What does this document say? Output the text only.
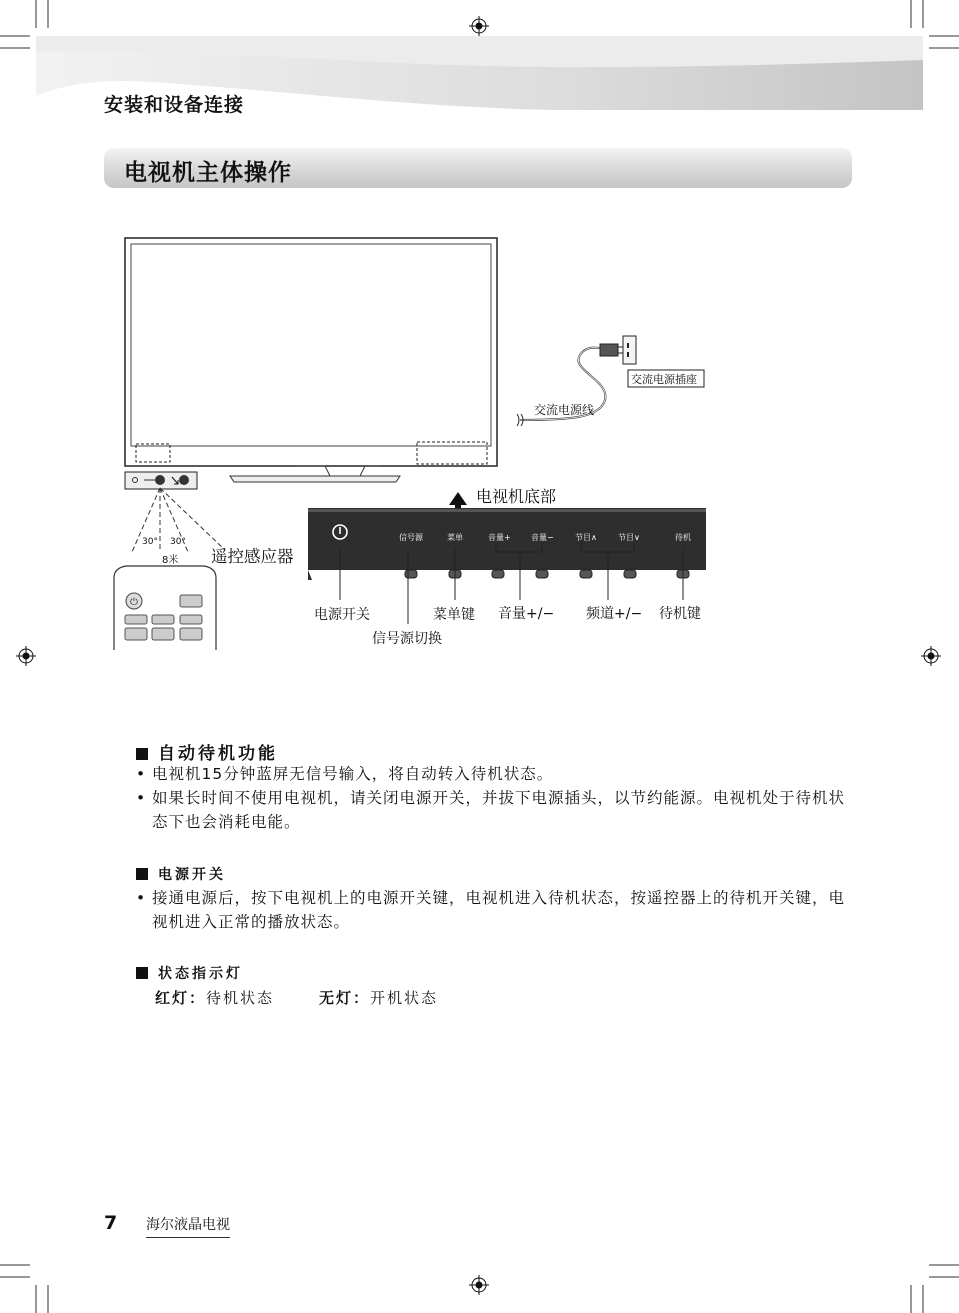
安装和设备连接
电视机主体操作
⏻
交流电源插座
交流电源线
电视机底部
遥控感应器
30° 30°
8米
信号源	菜单	音量+	音量−	节目∧	节目∨	待机
电源开关
信号源切换
菜单键 音量+/− 频道+/− 待机键
自动待机功能
• 电视机15分钟蓝屏无信号输入，将自动转入待机状态。
• 如果长时间不使用电视机，请关闭电源开关，并拔下电源插头，以节约能源。电视机处于待机状态下也会消耗电能。
电源开关
• 接通电源后，按下电视机上的电源开关键，电视机进入待机状态，按遥控器上的待机开关键，电视机进入正常的播放状态。
状态指示灯
红灯：待机状态	无灯：开机状态
7 海尔液晶电视
